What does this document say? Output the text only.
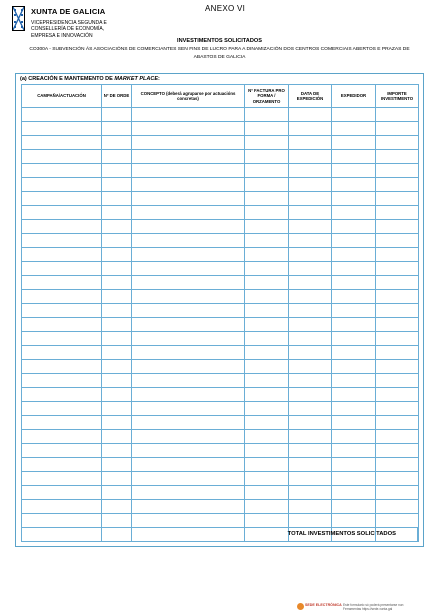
XUNTA DE GALICIA
VICEPRESIDENCIA SEGUNDA E
CONSELLERÍA DE ECONOMÍA,
EMPRESA E INNOVACIÓN
ANEXO VI
INVESTIMENTOS SOLICITADOS
CO300A - SUBVENCIÓN ÁS ASOCIACIÓNS DE COMERCIANTES SEN FINS DE LUCRO PARA A DINAMIZACIÓN DOS CENTROS COMERCIAIS ABERTOS E PRAZAS DE ABASTOS DE GALICIA
(a) CREACIÓN E MANTEMENTO DE MARKET PLACE:
CAMPAÑA/ACTUACIÓN	Nº DE ORDE	CONCEPTO (deberá agruparse por actuacións concretas)	Nº FACTURA PRO FORMA / ORZAMENTO	DATA DE EXPEDICIÓN	EXPEDIDOR	IMPORTE INVESTIMENTO

TOTAL INVESTIMENTOS SOLICITADOS
SEDE ELECTRÓNICA Este formulario só poderá presentarse nun
Ferramentas https://sede.xunta.gal
